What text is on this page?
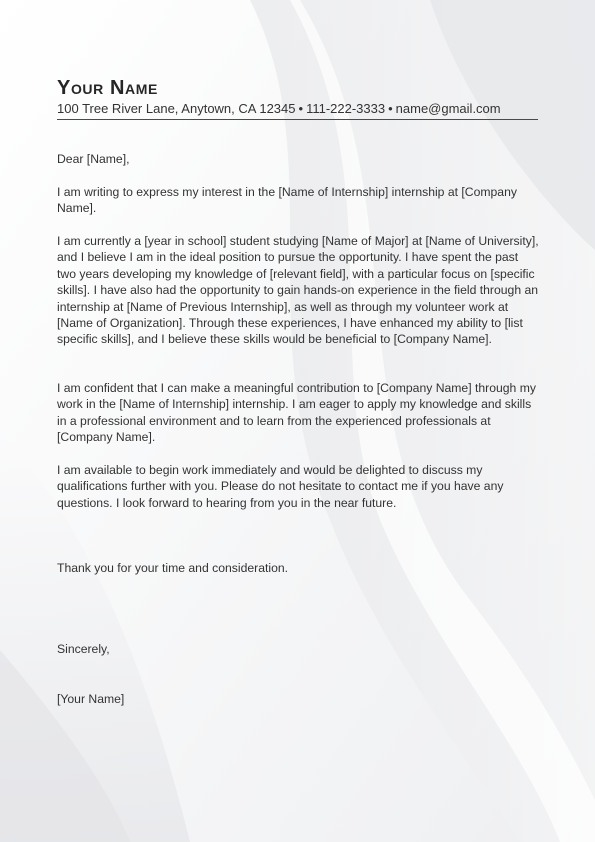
Your Name
100 Tree River Lane, Anytown, CA 12345 • 111-222-3333 • name@gmail.com

Dear [Name],

I am writing to express my interest in the [Name of Internship] internship at [Company Name].

I am currently a [year in school] student studying [Name of Major] at [Name of University], and I believe I am in the ideal position to pursue the opportunity. I have spent the past two years developing my knowledge of [relevant field], with a particular focus on [specific skills]. I have also had the opportunity to gain hands-on experience in the field through an internship at [Name of Previous Internship], as well as through my volunteer work at [Name of Organization]. Through these experiences, I have enhanced my ability to [list specific skills], and I believe these skills would be beneficial to [Company Name].

I am confident that I can make a meaningful contribution to [Company Name] through my work in the [Name of Internship] internship. I am eager to apply my knowledge and skills in a professional environment and to learn from the experienced professionals at [Company Name].

I am available to begin work immediately and would be delighted to discuss my qualifications further with you. Please do not hesitate to contact me if you have any questions. I look forward to hearing from you in the near future.

Thank you for your time and consideration.

Sincerely,

[Your Name]
